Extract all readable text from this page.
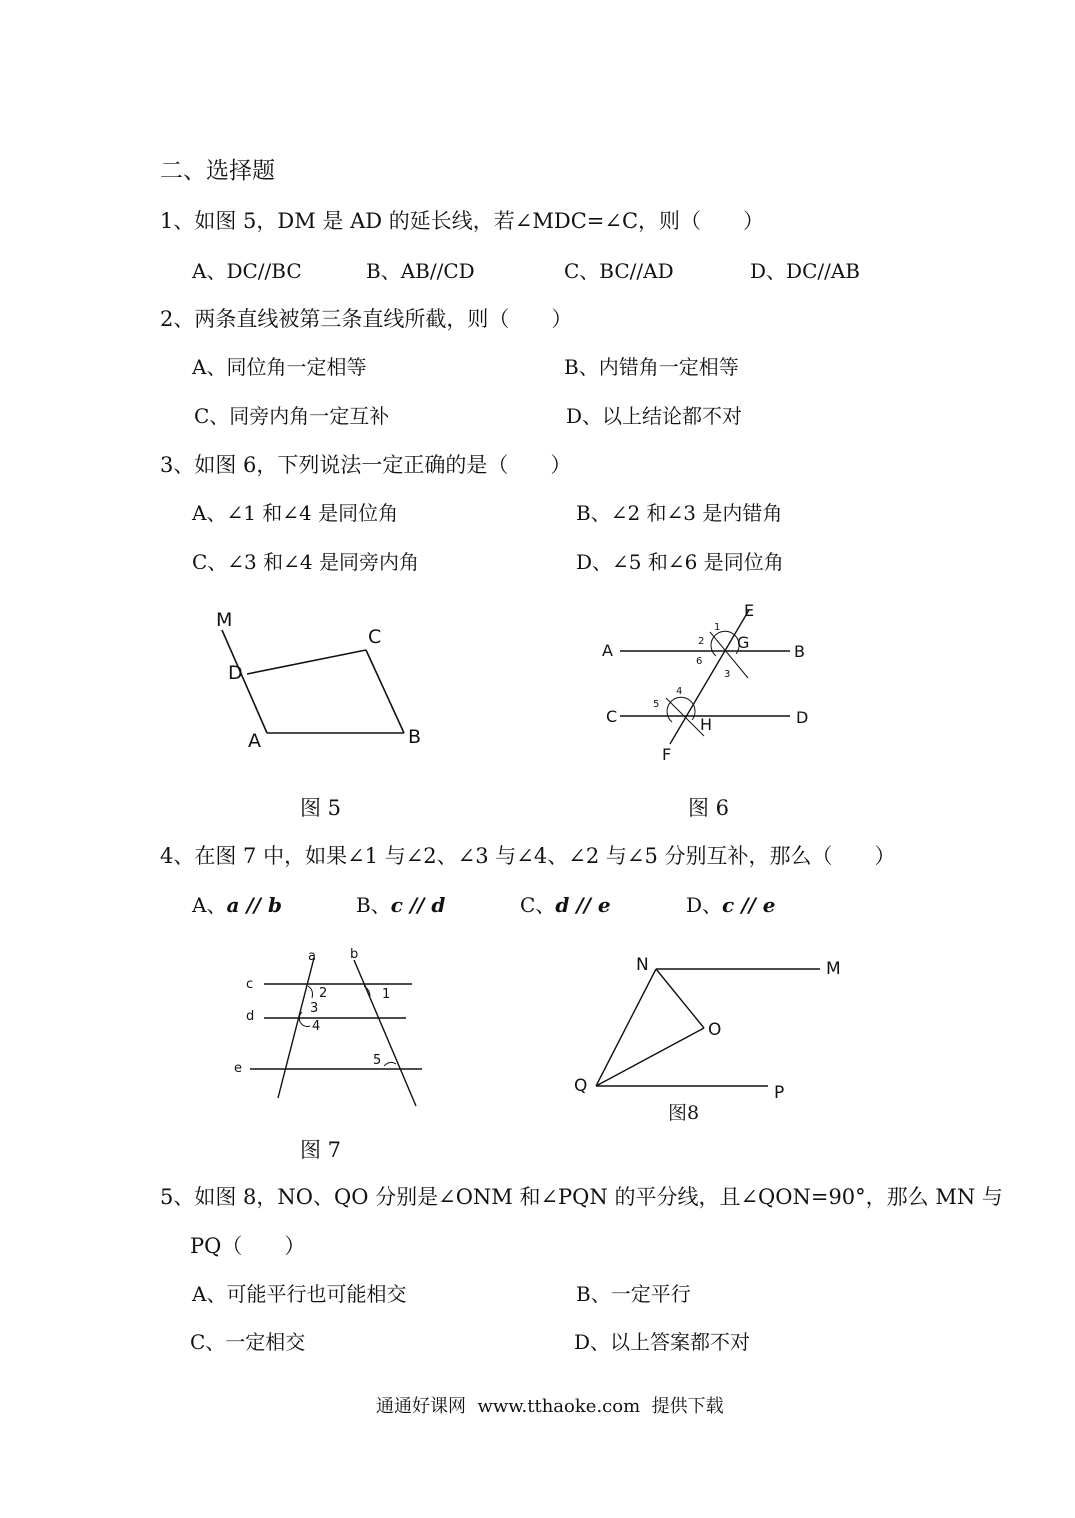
二、选择题
1、如图 5，DM 是 AD 的延长线，若∠MDC=∠C，则（　　）
A、DC//BC	B、AB//CD	C、BC//AD	D、DC//AB
2、两条直线被第三条直线所截，则（　　）
A、同位角一定相等	B、内错角一定相等
C、同旁内角一定互补	D、以上结论都不对
3、如图 6，下列说法一定正确的是（　　）
A、∠1 和∠4 是同位角	B、∠2 和∠3 是内错角
C、∠3 和∠4 是同旁内角	D、∠5 和∠6 是同位角
M
D
C
A	B
图 5
E
A	B
G
C	D
H
F
1
2
3
4
5
6
图 6
4、在图 7 中，如果∠1 与∠2、∠3 与∠4、∠2 与∠5 分别互补，那么（　　）
A、a // b	B、c // d	C、d // e	D、c // e
a	b
c
d
e
1
2
3
4
5
图 7
N	M
O
Q	P
图8
5、如图 8，NO、QO 分别是∠ONM 和∠PQN 的平分线，且∠QON=90°，那么 MN 与
PQ（　　）
A、可能平行也可能相交	B、一定平行
C、一定相交	D、以上答案都不对
通通好课网  www.tthaoke.com  提供下载
